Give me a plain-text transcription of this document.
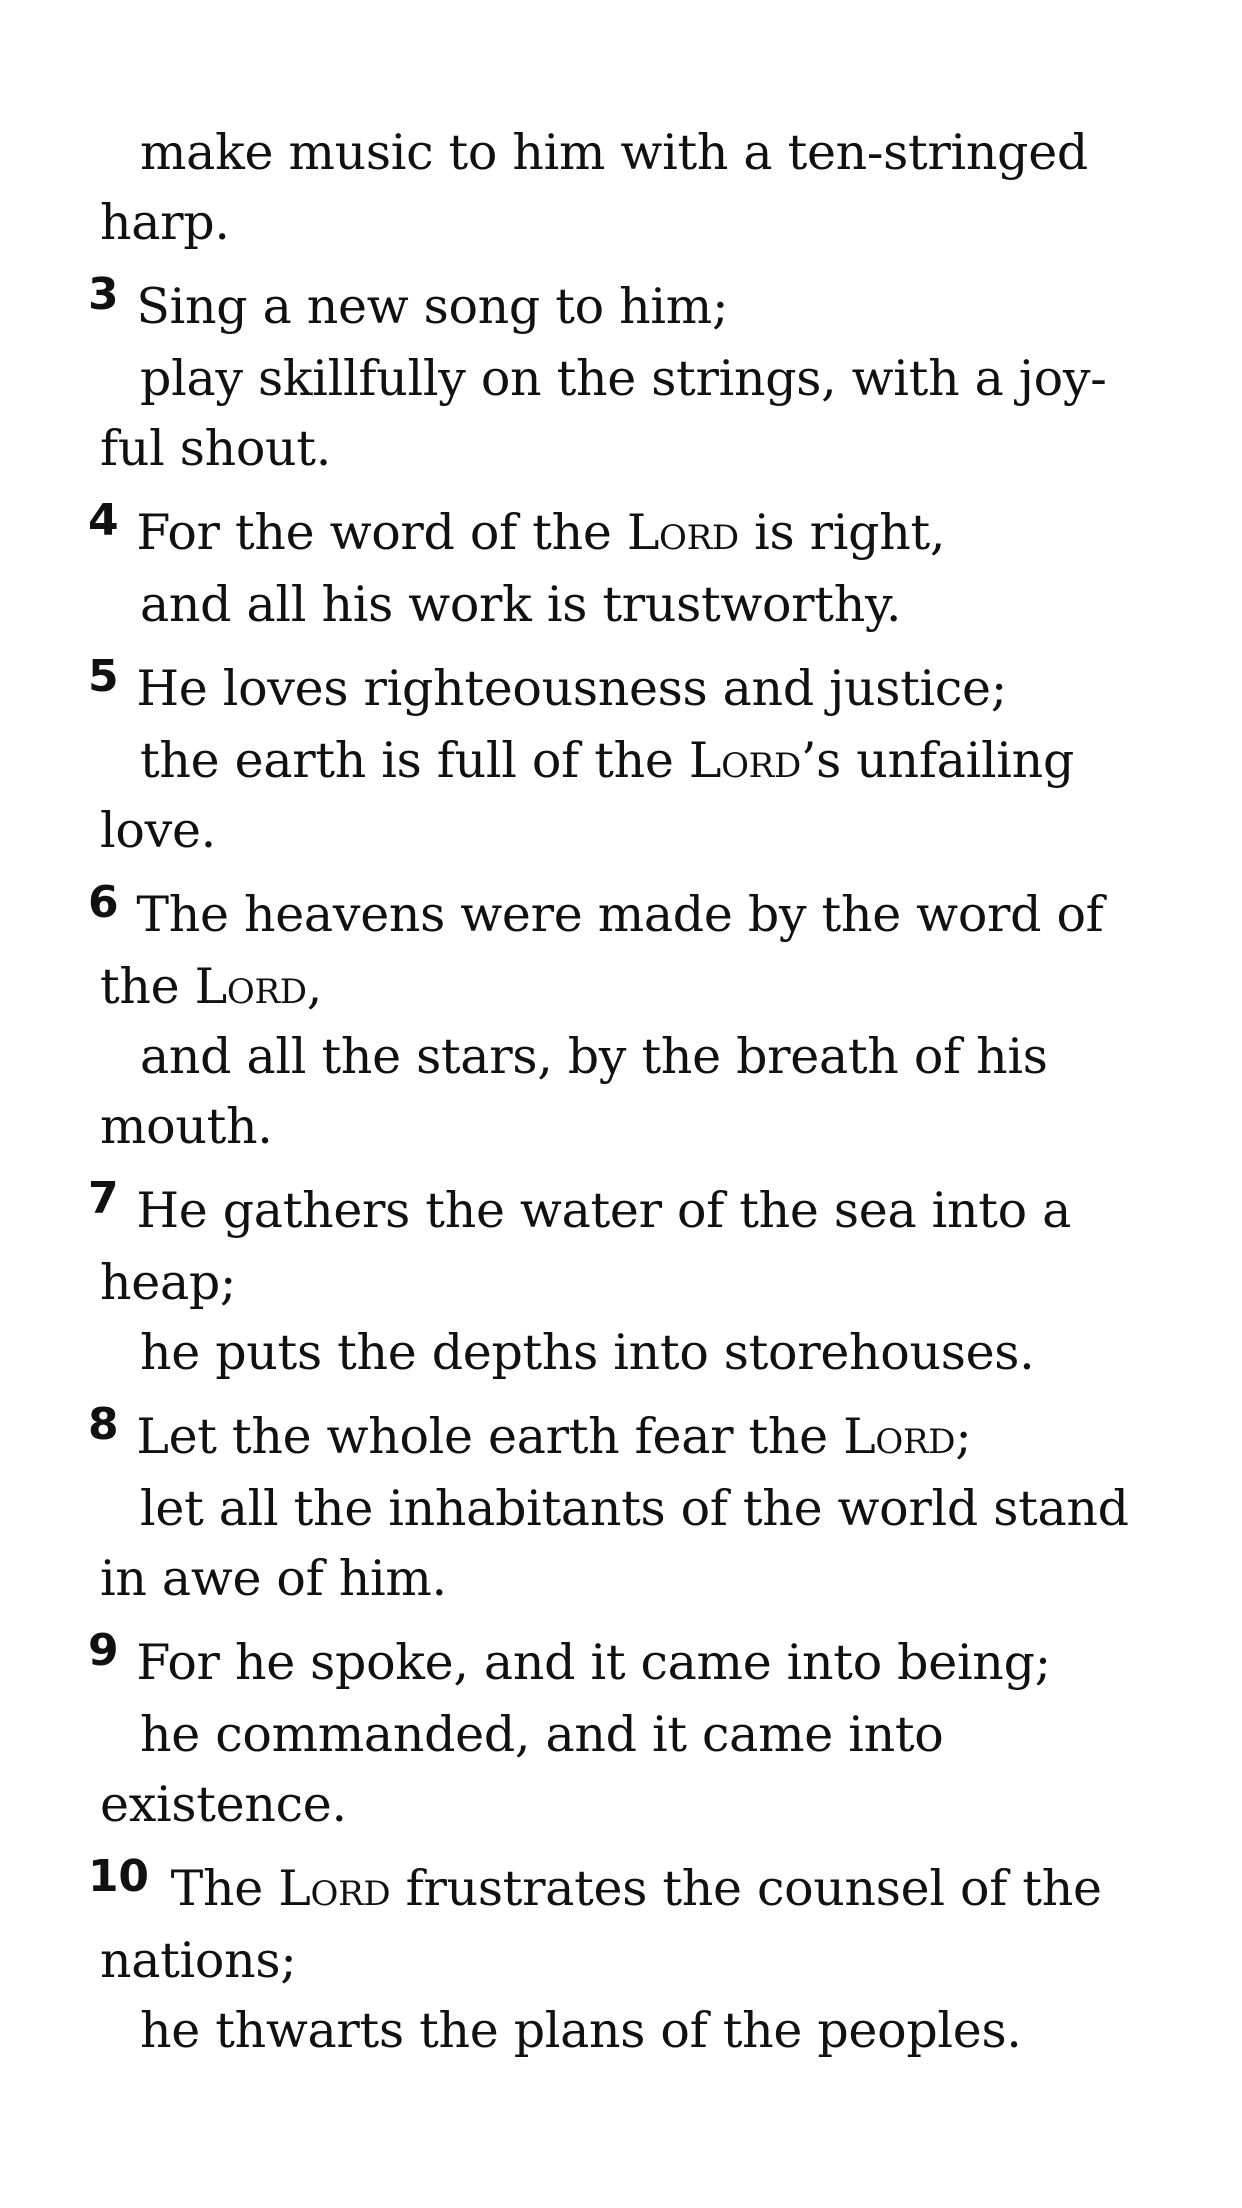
make music to him with a ten-stringed

harp.

3 Sing a new song to him;

play skillfully on the strings, with a joy-

ful shout.

4 For the word of the Lord is right,

and all his work is trustworthy.

5 He loves righteousness and justice;

the earth is full of the Lord’s unfailing

love.

6 The heavens were made by the word of

the Lord,

and all the stars, by the breath of his

mouth.

7 He gathers the water of the sea into a

heap;

he puts the depths into storehouses.

8 Let the whole earth fear the Lord;

let all the inhabitants of the world stand

in awe of him.

9 For he spoke, and it came into being;

he commanded, and it came into

existence.

10 The Lord frustrates the counsel of the

nations;

he thwarts the plans of the peoples.
